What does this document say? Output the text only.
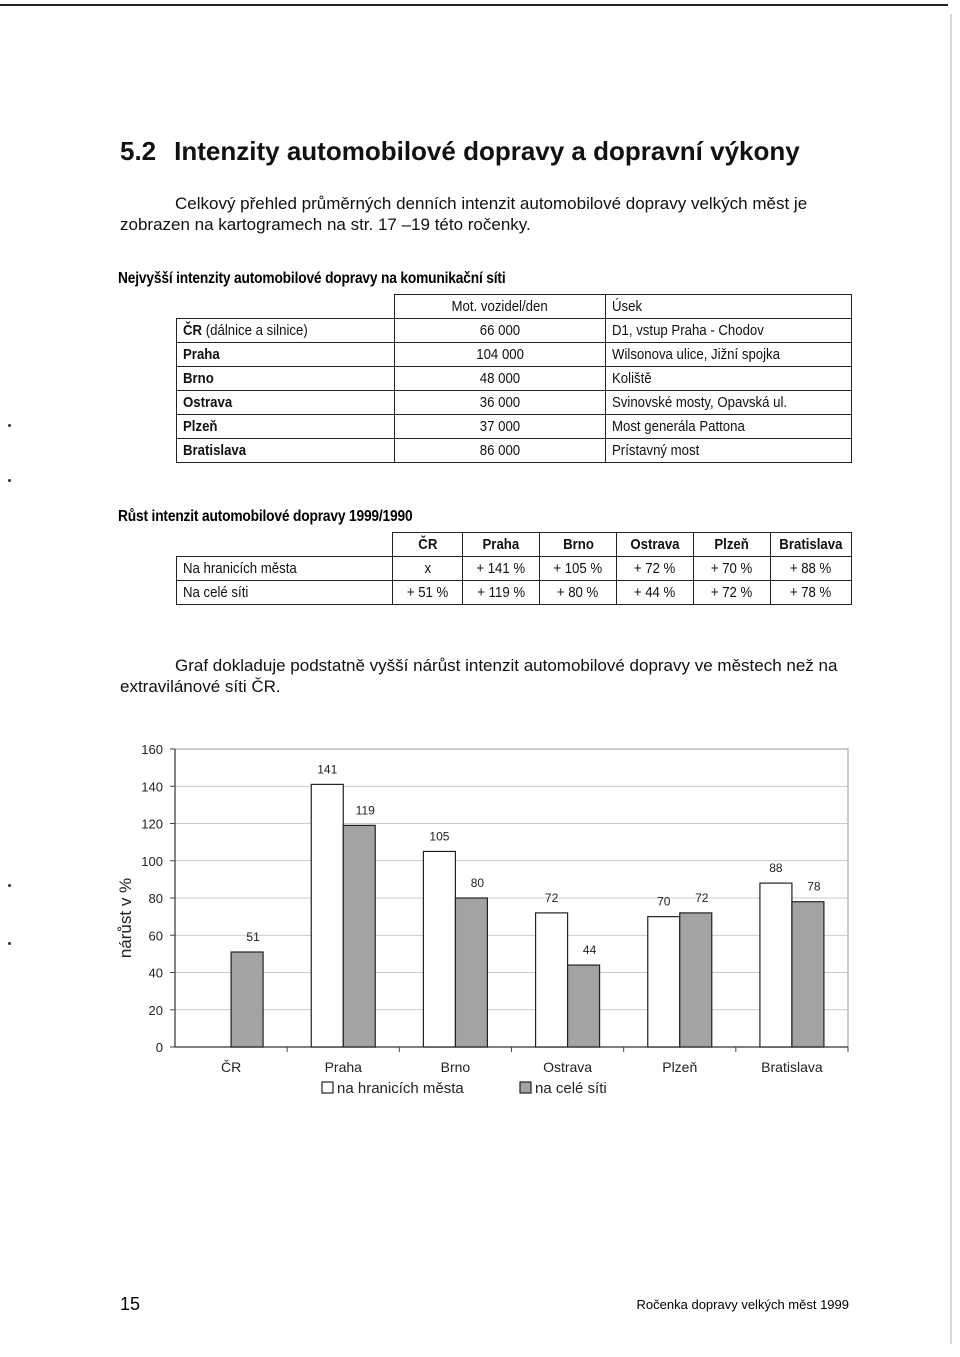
5.2 Intenzity automobilové dopravy a dopravní výkony

Celkový přehled průměrných denních intenzit automobilové dopravy velkých měst je zobrazen na kartogramech na str. 17 –19 této ročenky.

Nejvyšší intenzity automobilové dopravy na komunikační síti

	Mot. vozidel/den	Úsek
ČR (dálnice a silnice)	66 000	D1, vstup Praha - Chodov
Praha	104 000	Wilsonova ulice, Jižní spojka
Brno	48 000	Koliště
Ostrava	36 000	Svinovské mosty, Opavská ul.
Plzeň	37 000	Most generála Pattona
Bratislava	86 000	Prístavný most

Růst intenzit automobilové dopravy 1999/1990

	ČR	Praha	Brno	Ostrava	Plzeň	Bratislava
Na hranicích města	x	+ 141 %	+ 105 %	+ 72 %	+ 70 %	+ 88 %
Na celé síti	+ 51 %	+ 119 %	+ 80 %	+ 44 %	+ 72 %	+ 78 %

Graf dokladuje podstatně vyšší nárůst intenzit automobilové dopravy ve městech než na extravilánové síti ČR.

0
20
40
60
80
100
120
140
160
nárůst v %
ČR
51
Praha
141
119
Brno
105
80
Ostrava
72
44
Plzeň
70 72
Bratislava
88
78
na hranicích města	na celé síti

15	Ročenka dopravy velkých měst 1999
